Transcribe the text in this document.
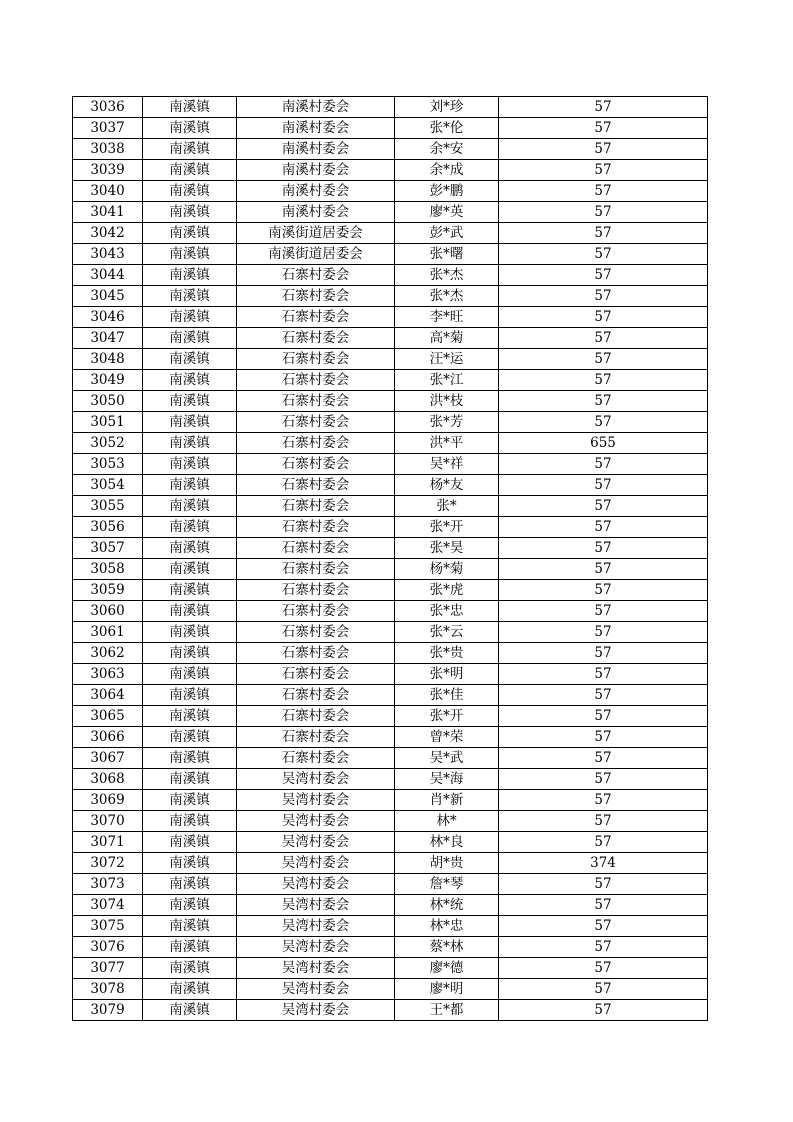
3036	南溪镇	南溪村委会	刘*珍	57
3037	南溪镇	南溪村委会	张*伦	57
3038	南溪镇	南溪村委会	余*安	57
3039	南溪镇	南溪村委会	余*成	57
3040	南溪镇	南溪村委会	彭*鹏	57
3041	南溪镇	南溪村委会	廖*英	57
3042	南溪镇	南溪街道居委会	彭*武	57
3043	南溪镇	南溪街道居委会	张*曙	57
3044	南溪镇	石寨村委会	张*杰	57
3045	南溪镇	石寨村委会	张*杰	57
3046	南溪镇	石寨村委会	李*旺	57
3047	南溪镇	石寨村委会	高*菊	57
3048	南溪镇	石寨村委会	汪*运	57
3049	南溪镇	石寨村委会	张*江	57
3050	南溪镇	石寨村委会	洪*枝	57
3051	南溪镇	石寨村委会	张*芳	57
3052	南溪镇	石寨村委会	洪*平	655
3053	南溪镇	石寨村委会	吴*祥	57
3054	南溪镇	石寨村委会	杨*友	57
3055	南溪镇	石寨村委会	张*	57
3056	南溪镇	石寨村委会	张*开	57
3057	南溪镇	石寨村委会	张*昊	57
3058	南溪镇	石寨村委会	杨*菊	57
3059	南溪镇	石寨村委会	张*虎	57
3060	南溪镇	石寨村委会	张*忠	57
3061	南溪镇	石寨村委会	张*云	57
3062	南溪镇	石寨村委会	张*贵	57
3063	南溪镇	石寨村委会	张*明	57
3064	南溪镇	石寨村委会	张*佳	57
3065	南溪镇	石寨村委会	张*开	57
3066	南溪镇	石寨村委会	曾*荣	57
3067	南溪镇	石寨村委会	吴*武	57
3068	南溪镇	吴湾村委会	吴*海	57
3069	南溪镇	吴湾村委会	肖*新	57
3070	南溪镇	吴湾村委会	林*	57
3071	南溪镇	吴湾村委会	林*良	57
3072	南溪镇	吴湾村委会	胡*贵	374
3073	南溪镇	吴湾村委会	詹*琴	57
3074	南溪镇	吴湾村委会	林*统	57
3075	南溪镇	吴湾村委会	林*忠	57
3076	南溪镇	吴湾村委会	蔡*林	57
3077	南溪镇	吴湾村委会	廖*德	57
3078	南溪镇	吴湾村委会	廖*明	57
3079	南溪镇	吴湾村委会	王*都	57
